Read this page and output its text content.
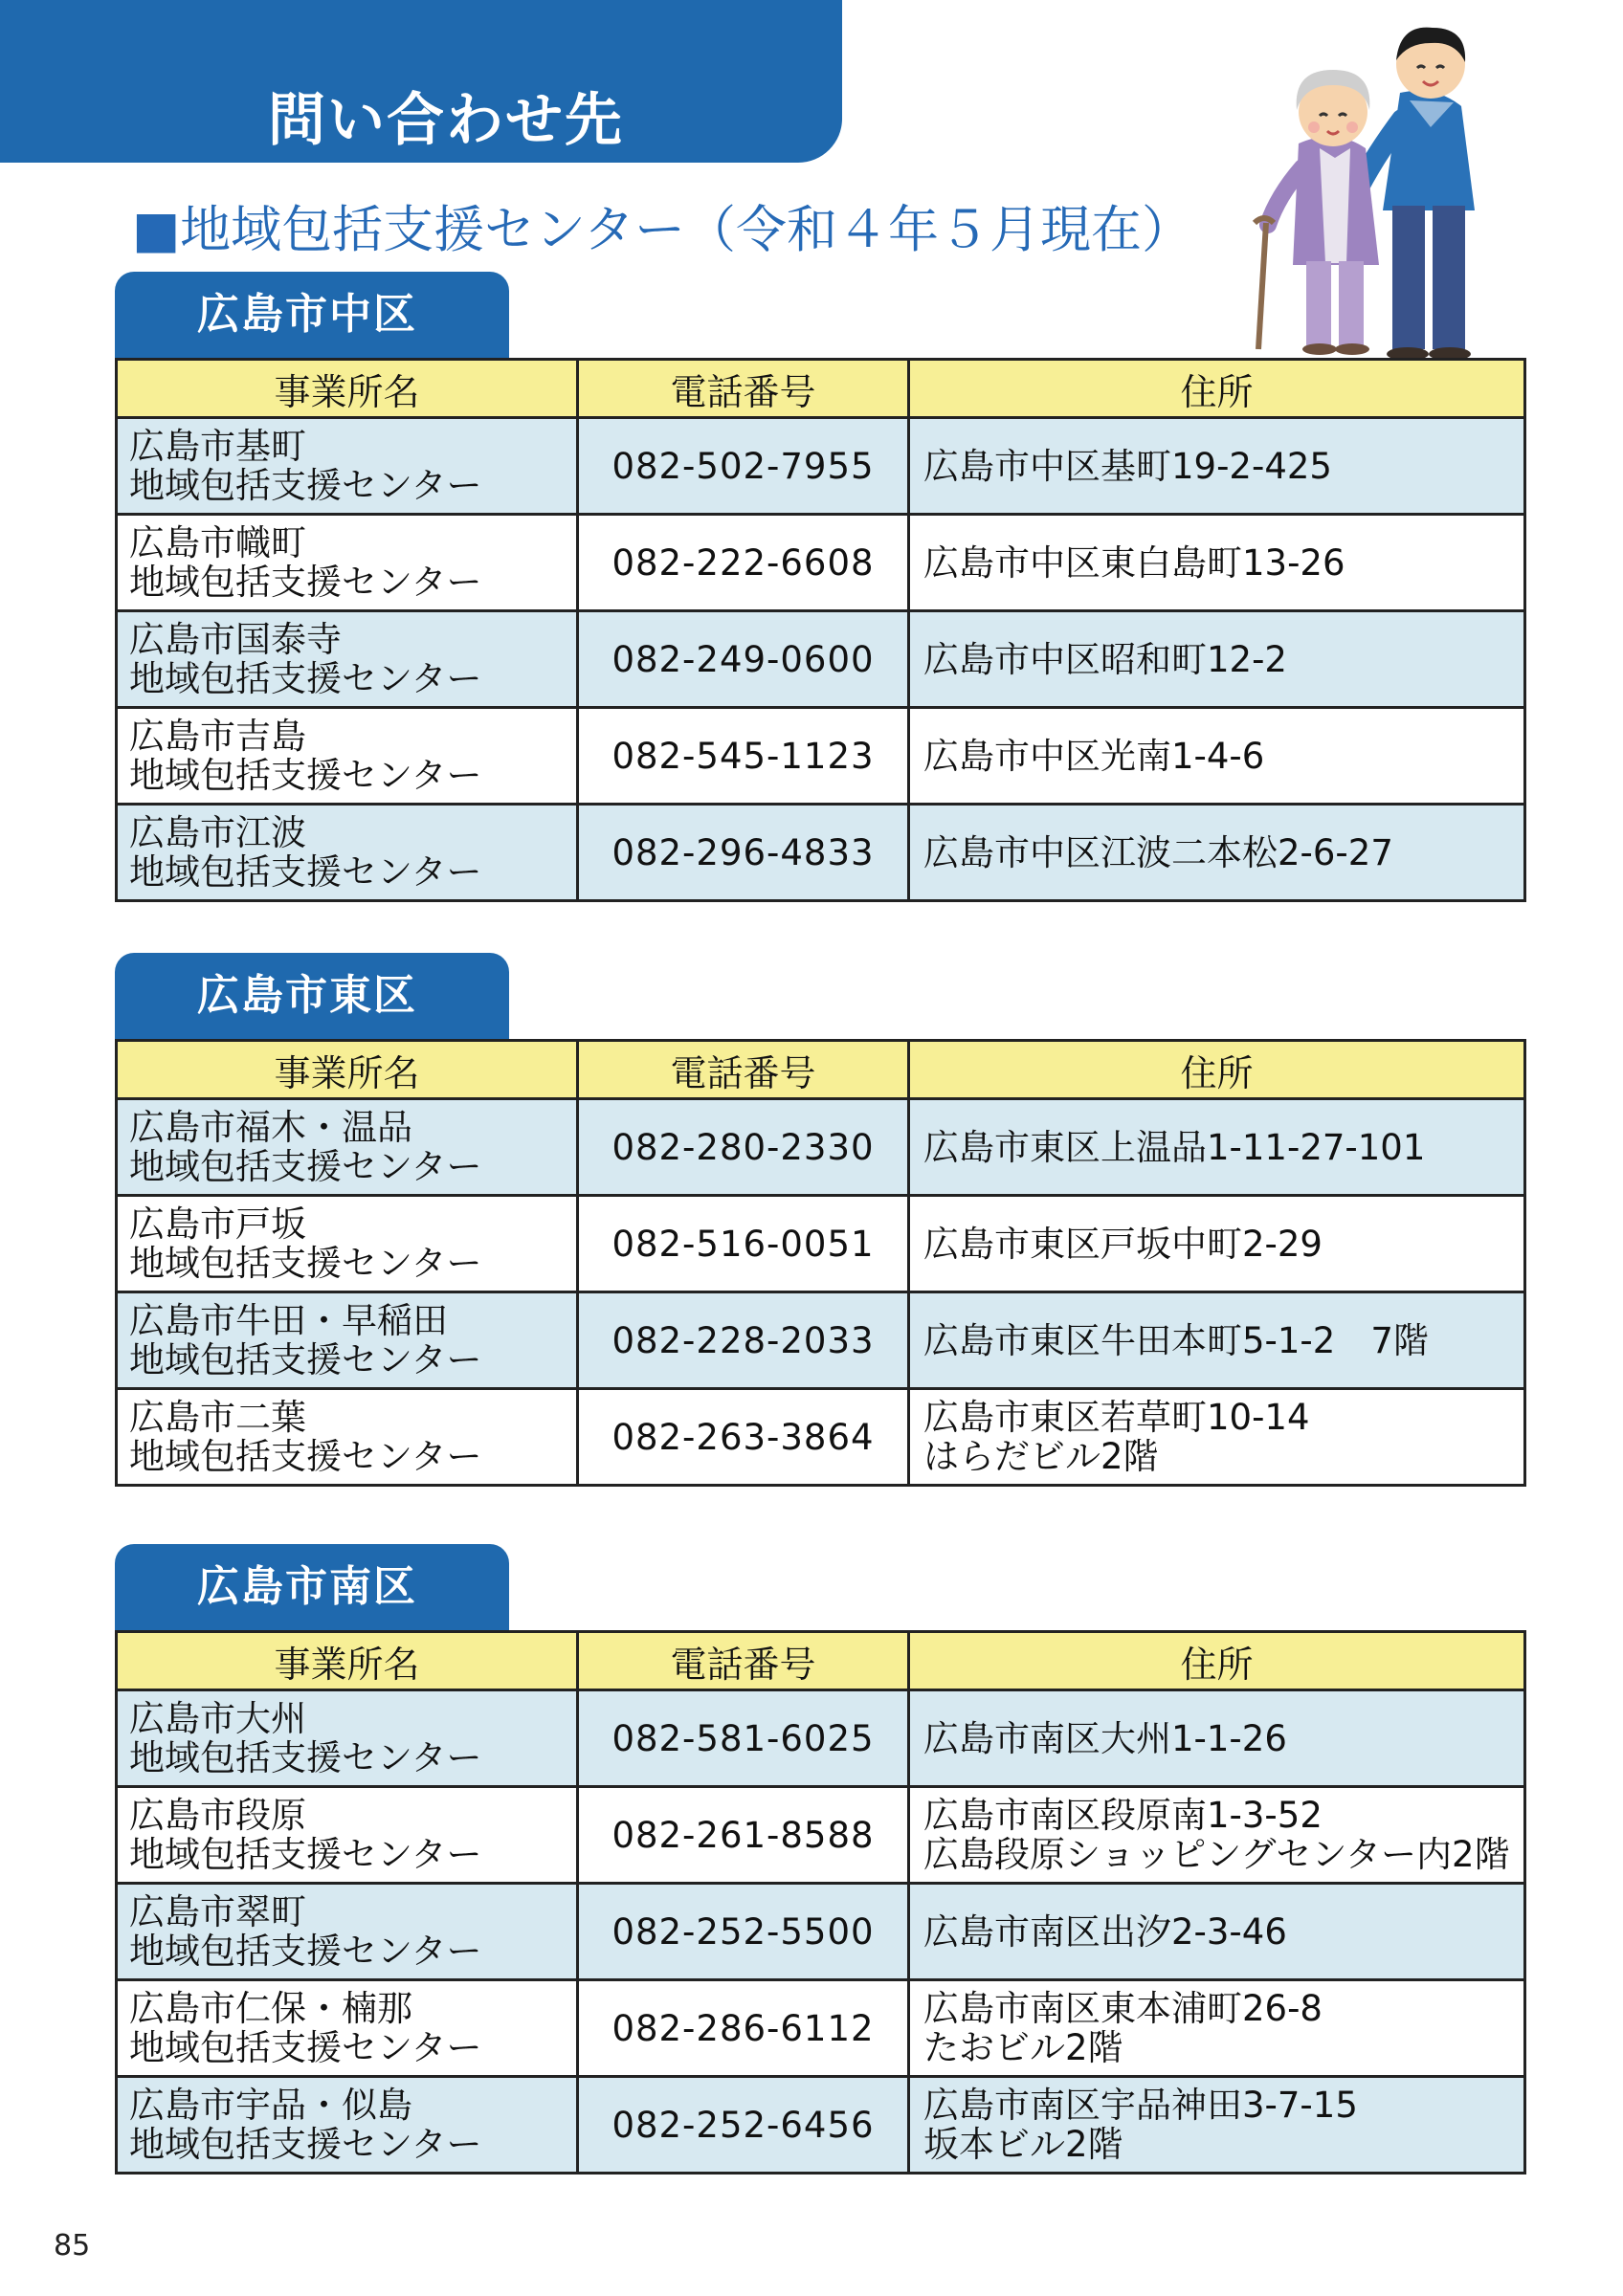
問い合わせ先
■地域包括支援センター（令和４年５月現在）
広島市中区
事業所名	電話番号	住所

広島市基町
地域包括支援センター	082-502-7955	広島市中区基町19-2-425

広島市幟町
地域包括支援センター	082-222-6608	広島市中区東白島町13-26

広島市国泰寺
地域包括支援センター	082-249-0600	広島市中区昭和町12-2

広島市吉島
地域包括支援センター	082-545-1123	広島市中区光南1-4-6

広島市江波
地域包括支援センター	082-296-4833	広島市中区江波二本松2-6-27
広島市東区
事業所名	電話番号	住所

広島市福木・温品
地域包括支援センター	082-280-2330	広島市東区上温品1-11-27-101

広島市戸坂
地域包括支援センター	082-516-0051	広島市東区戸坂中町2-29

広島市牛田・早稲田
地域包括支援センター	082-228-2033	広島市東区牛田本町5-1-2　7階

広島市二葉
地域包括支援センター	082-263-3864	広島市東区若草町10-14
はらだビル2階
広島市南区
事業所名	電話番号	住所

広島市大州
地域包括支援センター	082-581-6025	広島市南区大州1-1-26

広島市段原
地域包括支援センター	082-261-8588	広島市南区段原南1-3-52
広島段原ショッピングセンター内2階

広島市翠町
地域包括支援センター	082-252-5500	広島市南区出汐2-3-46

広島市仁保・楠那
地域包括支援センター	082-286-6112	広島市南区東本浦町26-8
たおビル2階

広島市宇品・似島
地域包括支援センター	082-252-6456	広島市南区宇品神田3-7-15
坂本ビル2階
85
